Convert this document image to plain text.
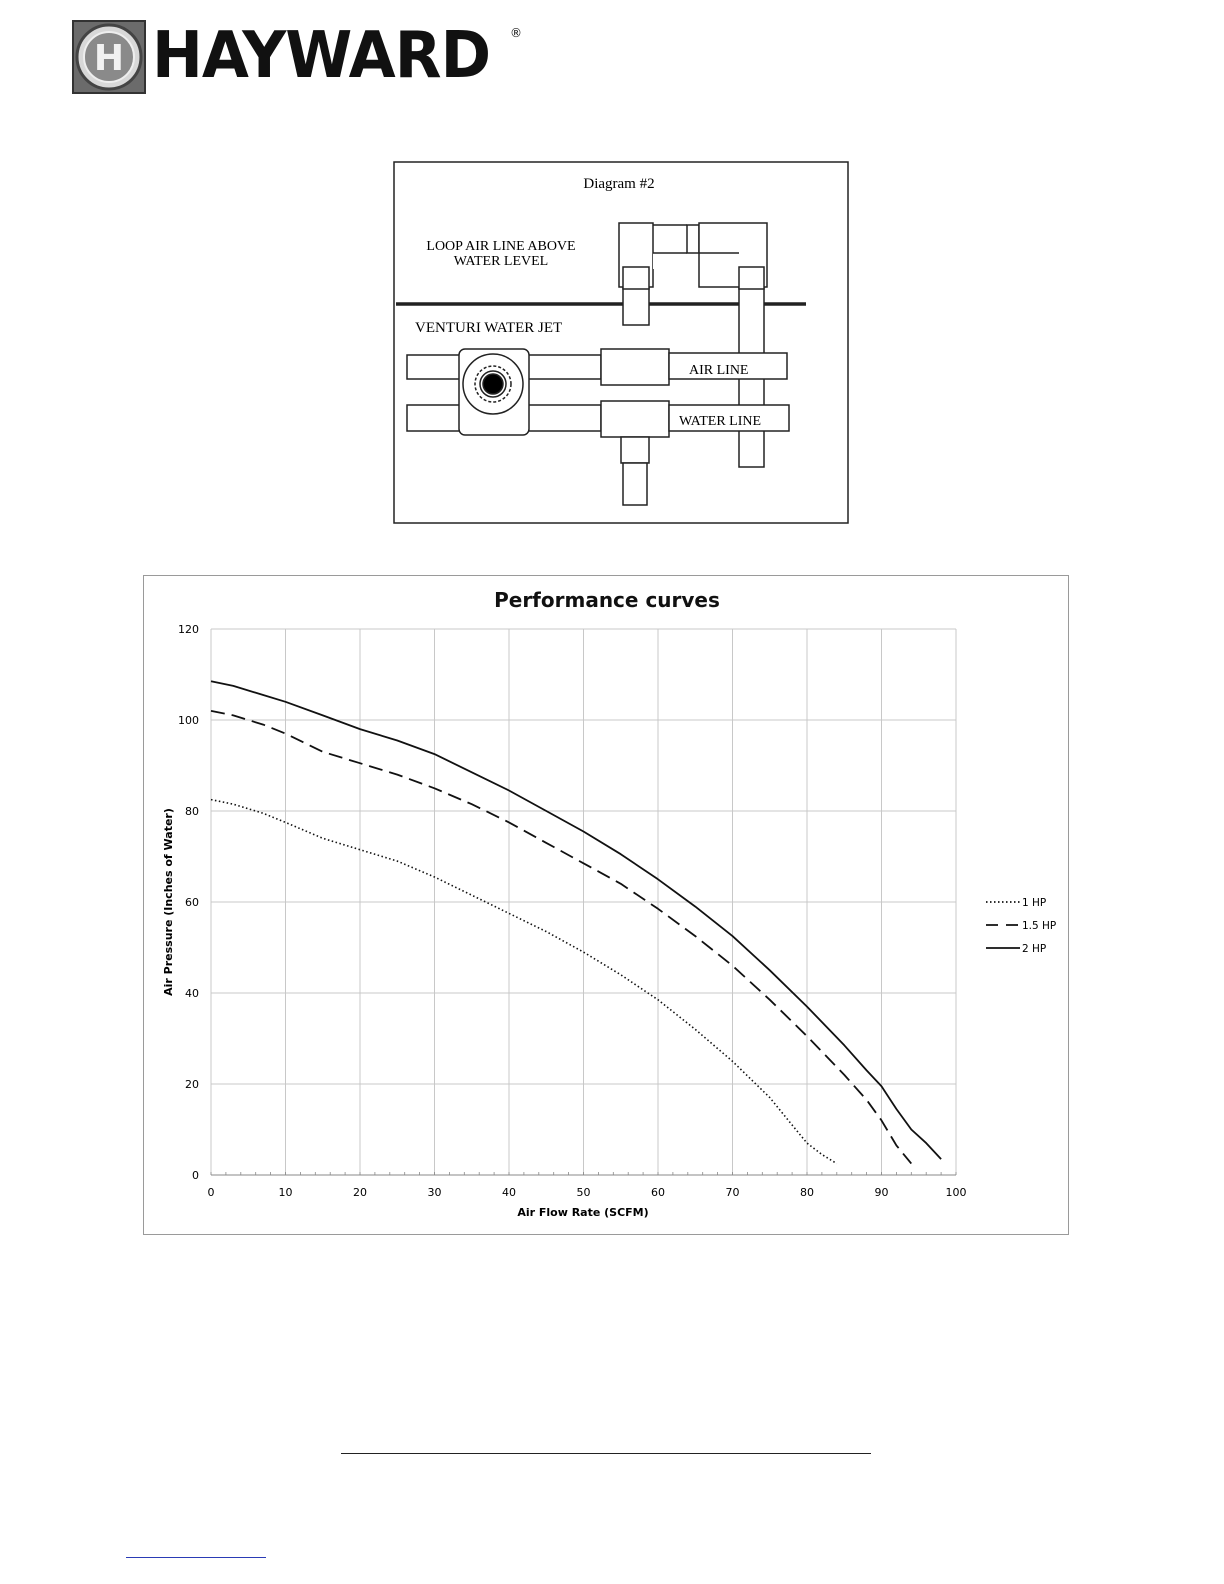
H HAYWARD ®
Diagram #2
LOOP AIR LINE ABOVE
WATER LEVEL
VENTURI WATER JET
AIR LINE
WATER LINE
Performance curves
0	10	20	30	40	50	60	70	80	90	100
0
20
40
60
80
100
120
1 HP
1.5 HP
2 HP
Air Flow Rate (SCFM)
Air Pressure (Inches of Water)
